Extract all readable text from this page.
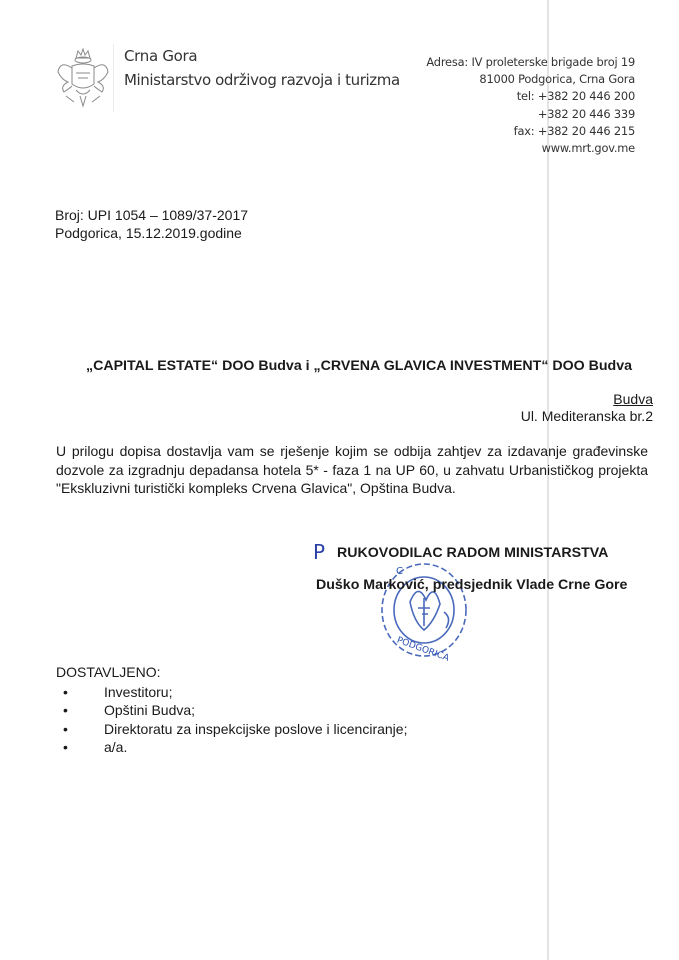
Crna Gora
Ministarstvo održivog razvoja i turizma
Adresa: IV proleterske brigade broj 19
81000 Podgorica, Crna Gora
tel: +382 20 446 200
+382 20 446 339
fax: +382 20 446 215
www.mrt.gov.me
Broj: UPI 1054 – 1089/37-2017
Podgorica, 15.12.2019.godine
„CAPITAL ESTATE“ DOO Budva i „CRVENA GLAVICA INVESTMENT“ DOO Budva
Budva
Ul. Mediteranska br.2
U prilogu dopisa dostavlja vam se rješenje kojim se odbija zahtjev za izdavanje građevinske dozvole za izgradnju depadansa hotela 5* - faza 1 na UP 60, u zahvatu Urbanističkog projekta "Ekskluzivni turistički kompleks Crvena Glavica", Opština Budva.
PODGORICA
C
P RUKOVODILAC RADOM MINISTARSTVA
Duško Marković, predsjednik Vlade Crne Gore
DOSTAVLJENO:
• Investitoru;
• Opštini Budva;
• Direktoratu za inspekcijske poslove i licenciranje;
• a/a.
